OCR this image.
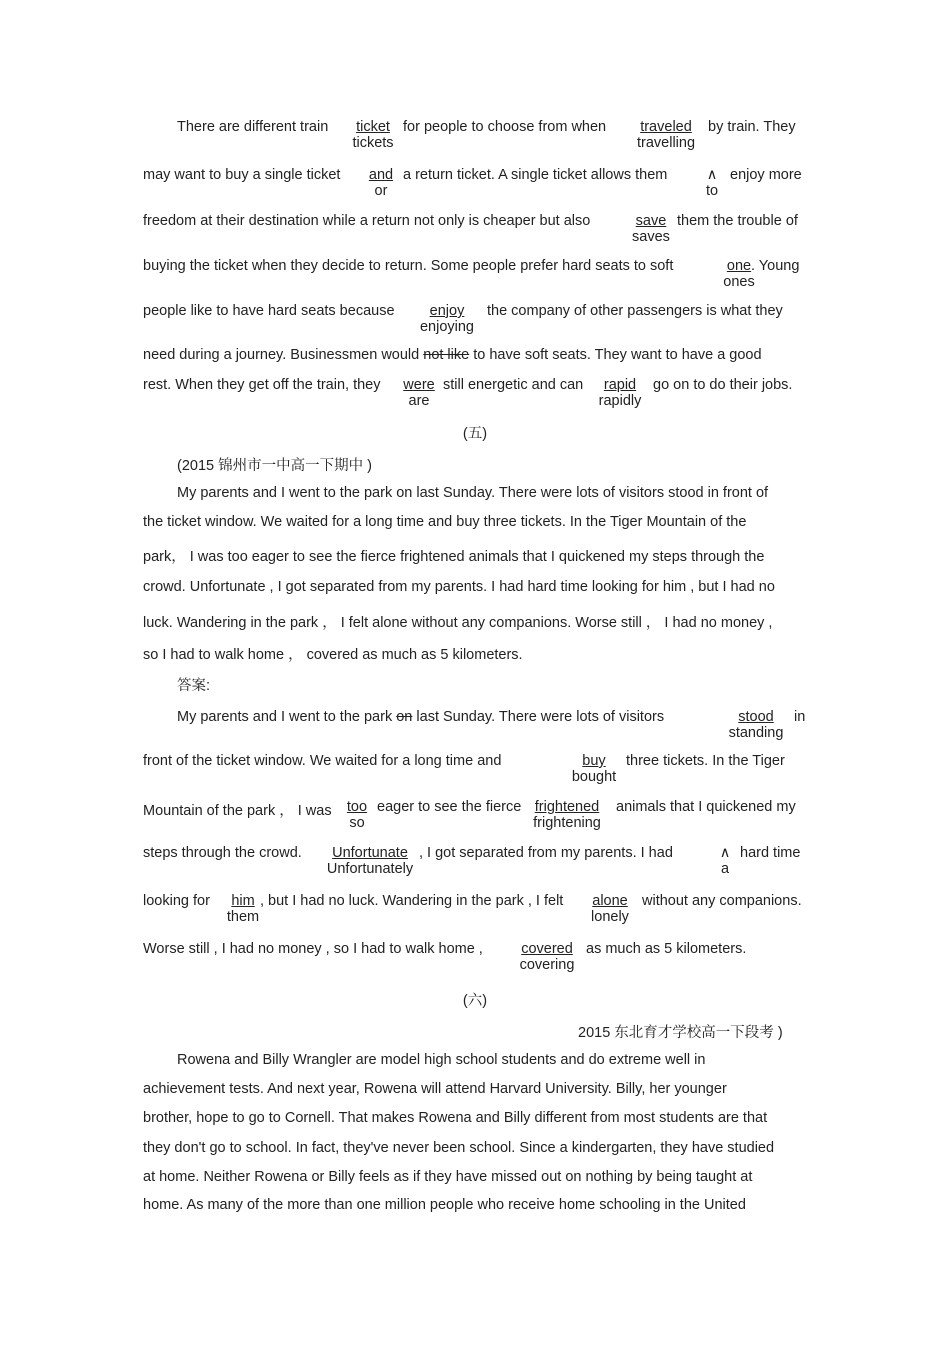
There are different train	ticket
tickets
for people to choose from when	traveled
travelling
by train. They
may want to buy a single ticket and
or
a return ticket. A single ticket allows them	∧
to
enjoy more
freedom at their destination while a return not only is cheaper but also	save
saves
them the trouble of
buying the ticket when they decide to return. Some people prefer hard seats to soft	one
ones
. Young
people like to have hard seats because	enjoy
enjoying
the company of other passengers is what they
need during a journey. Businessmen would not like to have soft seats. They want to have a good
rest. When they get off the train, they	were
are
still energetic and can	rapid
rapidly
go on to do their jobs.
(五)
(2015 锦州市一中高一下期中 )
My parents and I went to the park on last Sunday. There were lots of visitors stood in front of
the ticket window. We waited for a long time and buy three tickets. In the Tiger Mountain of the
park， I was too eager to see the fierce frightened animals that I quickened my steps through the
crowd. Unfortunate , I got separated from my parents. I had hard time looking for him , but I had no
luck. Wandering in the park ， I felt alone without any companions. Worse still ， I had no money ,
so I had to walk home ， covered as much as 5 kilometers.
答案:
My parents and I went to the park on last Sunday. There were lots of visitors	stood
standing
in
front of the ticket window. We waited for a long time and	buy
bought
three tickets. In the Tiger
Mountain of the park ， I was too
so
eager to see the fierce frightened
frightening
animals that I quickened my
steps through the crowd.	Unfortunate
Unfortunately
, I got separated from my parents. I had	∧
a
hard time
looking for	him
them
, but I had no luck. Wandering in the park , I felt alone
lonely
without any companions.
Worse still , I had no money , so I had to walk home ,	covered
covering
as much as 5 kilometers.
(六)
2015 东北育才学校高一下段考 )
Rowena and Billy Wrangler are model high school students and do extreme well in
achievement tests. And next year, Rowena will attend Harvard University. Billy, her younger
brother, hope to go to Cornell. That makes Rowena and Billy different from most students are that
they don't go to school. In fact, they've never been school. Since a kindergarten, they have studied
at home. Neither Rowena or Billy feels as if they have missed out on nothing by being taught at
home. As many of the more than one million people who receive home schooling in the United
